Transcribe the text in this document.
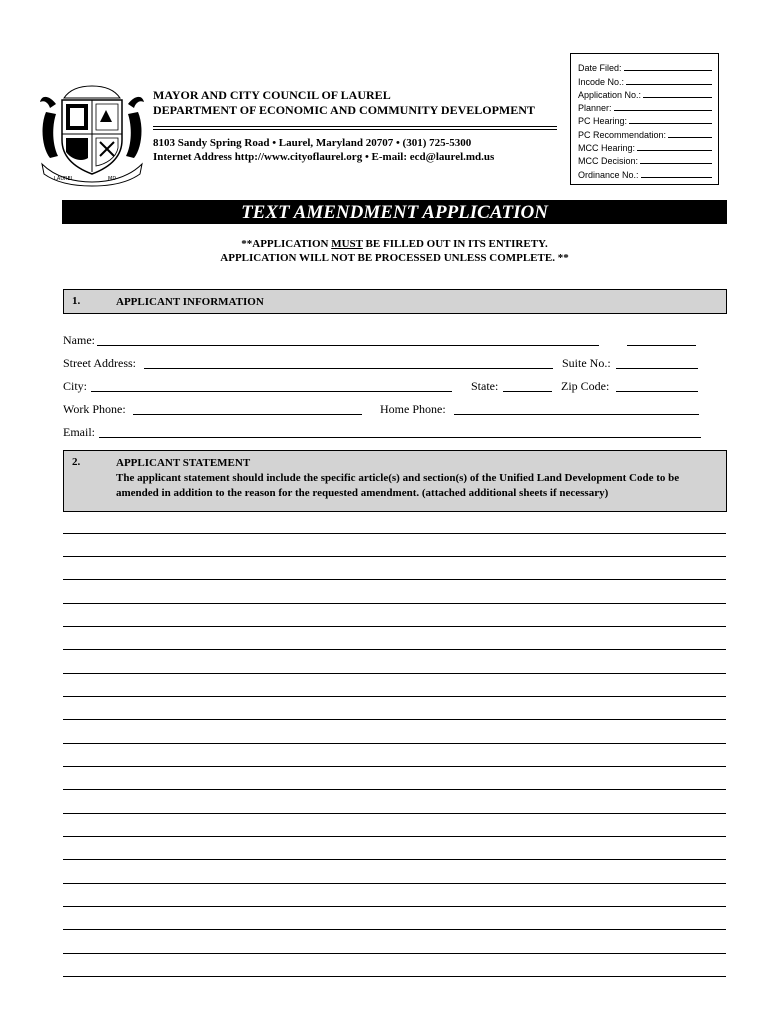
LAUREL	MD
MAYOR AND CITY COUNCIL OF LAUREL
DEPARTMENT OF ECONOMIC AND COMMUNITY DEVELOPMENT
8103 Sandy Spring Road • Laurel, Maryland 20707 • (301) 725-5300
Internet Address http://www.cityoflaurel.org • E-mail: ecd@laurel.md.us
Date Filed:
Incode No.:
Application No.:
Planner:
PC Hearing:
PC Recommendation:
MCC Hearing:
MCC Decision:
Ordinance No.:
TEXT AMENDMENT APPLICATION
**APPLICATION MUST BE FILLED OUT IN ITS ENTIRETY.
APPLICATION WILL NOT BE PROCESSED UNLESS COMPLETE. **
1.	APPLICANT INFORMATION
Name:
Street Address:	Suite No.:
City:	State:	Zip Code:
Work Phone:	Home Phone:
Email:
2.	APPLICANT STATEMENT
The applicant statement should include the specific article(s) and section(s) of the Unified Land Development Code to be amended in addition to the reason for the requested amendment. (attached additional sheets if necessary)
